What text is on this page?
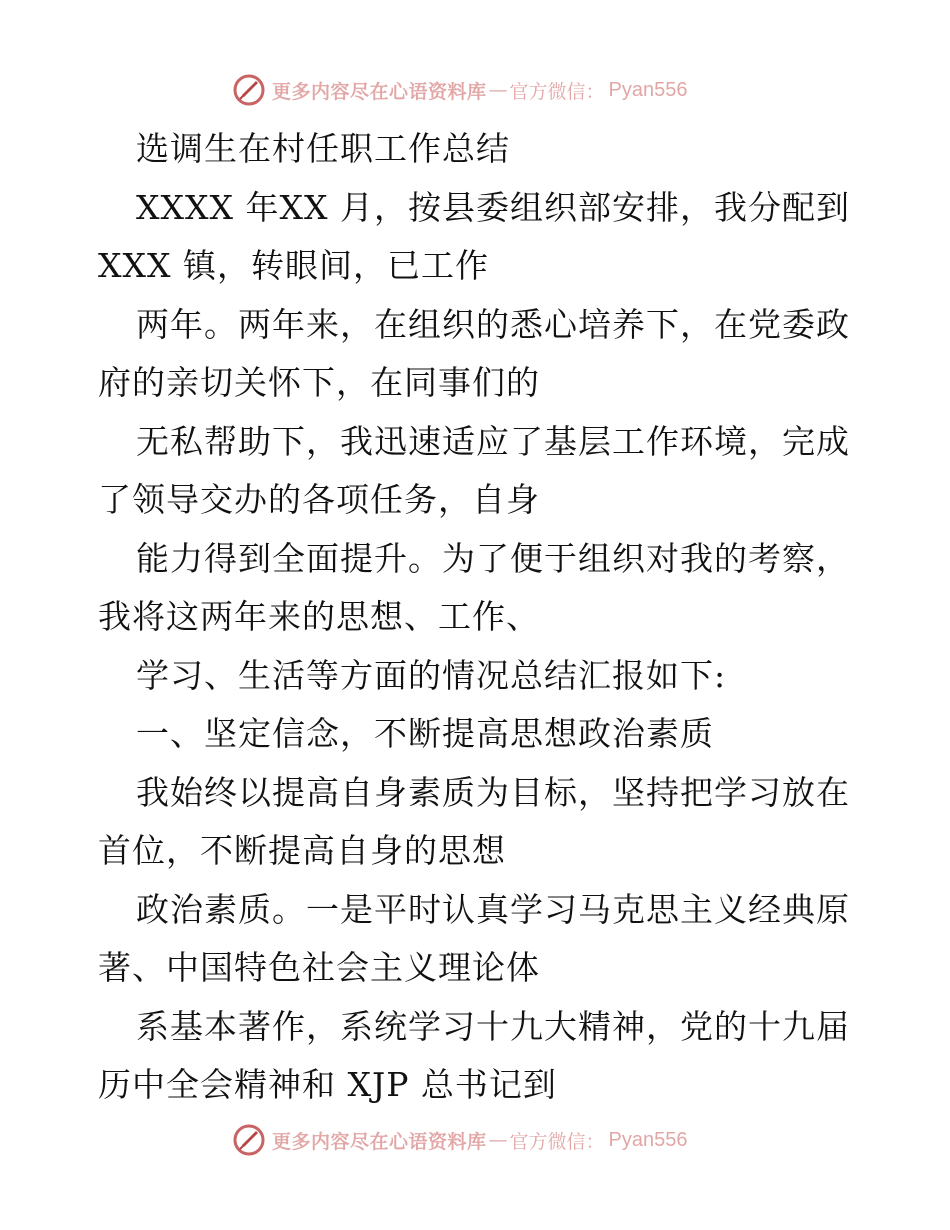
更多内容尽在心语资料库 — 官方微信： Pyan556
选调生在村任职工作总结
XXXX 年XX 月，按县委组织部安排，我分配到
XXX 镇，转眼间，已工作
两年。两年来，在组织的悉心培养下，在党委政
府的亲切关怀下，在同事们的
无私帮助下，我迅速适应了基层工作环境，完成
了领导交办的各项任务，自身
能力得到全面提升。为了便于组织对我的考察，
我将这两年来的思想、工作、
学习、生活等方面的情况总结汇报如下:
一、坚定信念，不断提高思想政治素质
我始终以提高自身素质为目标，坚持把学习放在
首位，不断提高自身的思想
政治素质。一是平时认真学习马克思主义经典原
著、中国特色社会主义理论体
系基本著作，系统学习十九大精神，党的十九届
历中全会精神和 XJP 总书记到
更多内容尽在心语资料库 — 官方微信： Pyan556
